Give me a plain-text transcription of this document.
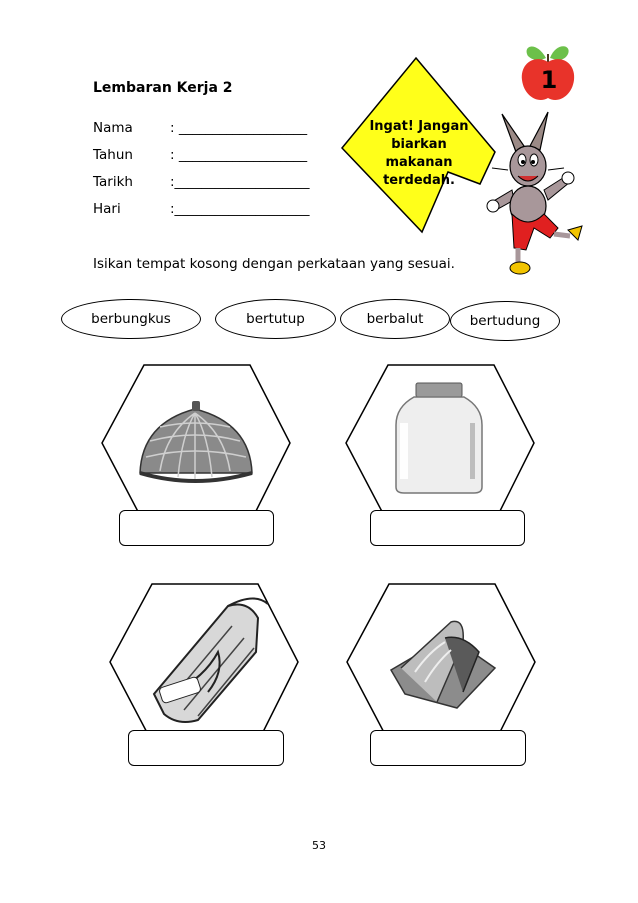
Lembaran Kerja 2
Nama	: ___________________
Tahun	: ___________________
Tarikh	:____________________
Hari	:____________________
Ingat! Jangan
biarkan
makanan
terdedah.
1
Isikan tempat kosong dengan perkataan yang sesuai.
berbungkus	bertutup	berbalut	bertudung
53
